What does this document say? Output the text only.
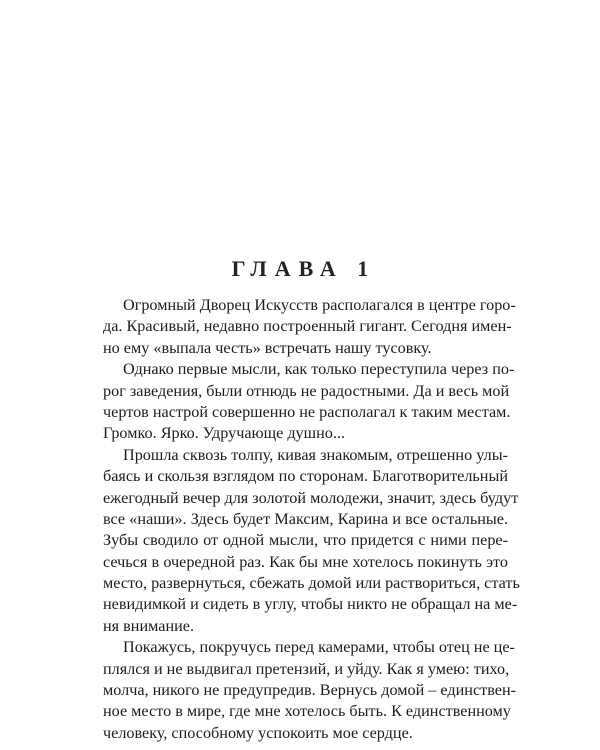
ГЛАВА 1
Огромный Дворец Искусств располагался в центре горо-
да. Красивый, недавно построенный гигант. Сегодня имен-
но ему «выпала честь» встречать нашу тусовку.
Однако первые мысли, как только переступила через по-
рог заведения, были отнюдь не радостными. Да и весь мой
чертов настрой совершенно не располагал к таким местам.
Громко. Ярко. Удручающе душно...
Прошла сквозь толпу, кивая знакомым, отрешенно улы-
баясь и скользя взглядом по сторонам. Благотворительный
ежегодный вечер для золотой молодежи, значит, здесь будут
все «наши». Здесь будет Максим, Карина и все остальные.
Зубы сводило от одной мысли, что придется с ними пере-
сечься в очередной раз. Как бы мне хотелось покинуть это
место, развернуться, сбежать домой или раствориться, стать
невидимкой и сидеть в углу, чтобы никто не обращал на ме-
ня внимание.
Покажусь, покручусь перед камерами, чтобы отец не це-
плялся и не выдвигал претензий, и уйду. Как я умею: тихо,
молча, никого не предупредив. Вернусь домой – единствен-
ное место в мире, где мне хотелось быть. К единственному
человеку, способному успокоить мое сердце.
